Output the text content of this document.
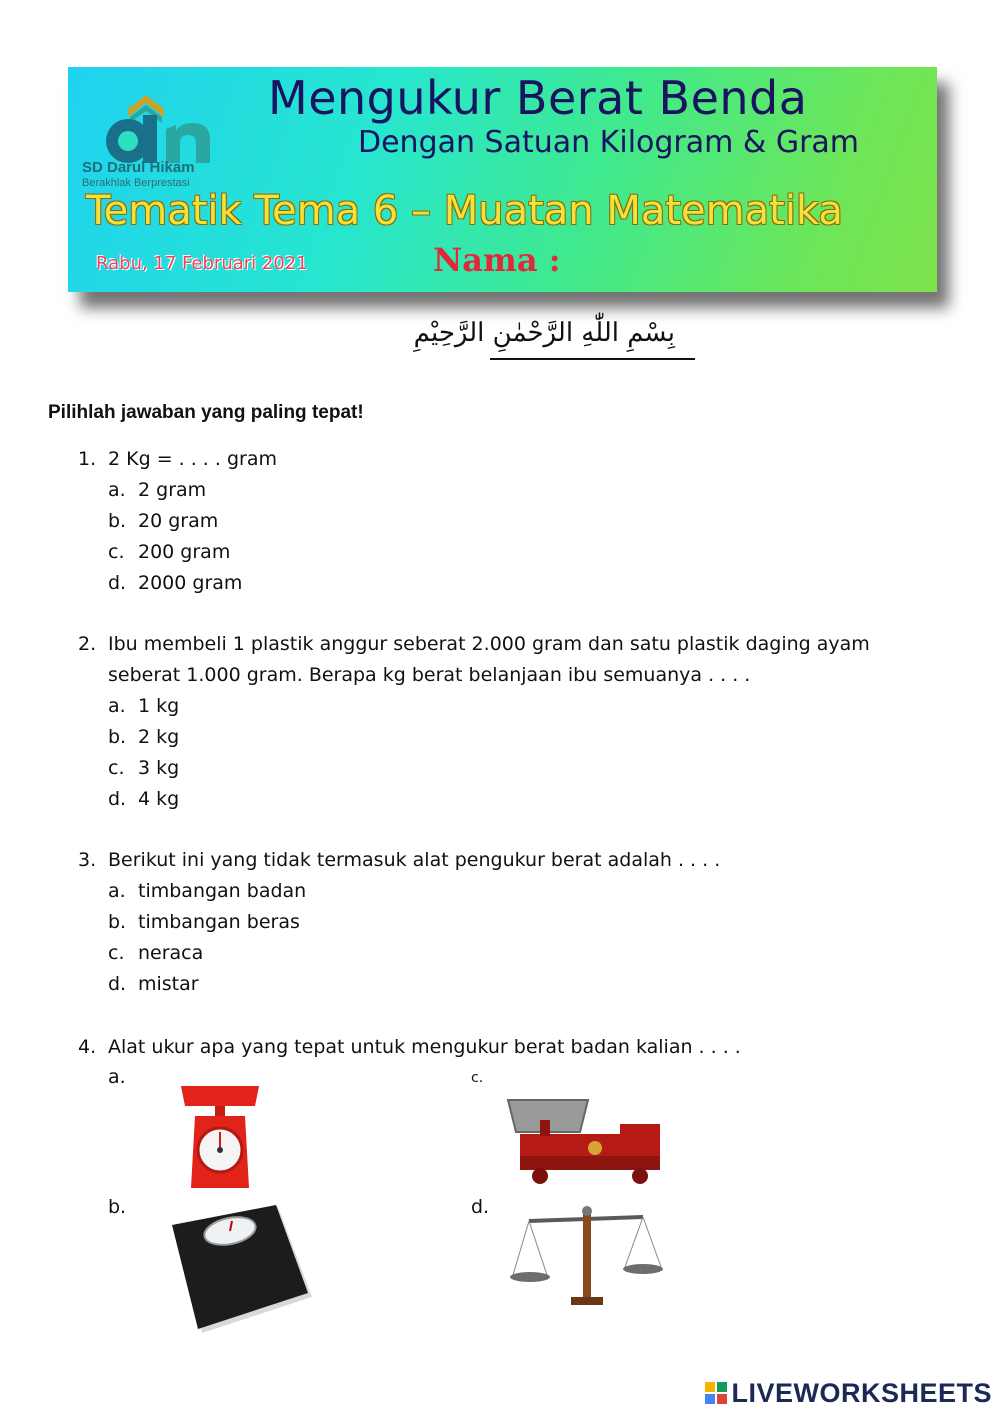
SD Darul Hikam
Berakhlak Berprestasi
Mengukur Berat Benda
Dengan Satuan Kilogram & Gram
Tematik Tema 6 – Muatan Matematika
Rabu, 17 Februari 2021	Nama :
بِسْمِ اللّٰهِ الرَّحْمٰنِ الرَّحِيْمِ

Pilihlah jawaban yang paling tepat!

1. 2 Kg = . . . . gram
a. 2 gram
b. 20 gram
c. 200 gram
d. 2000 gram
2. Ibu membeli 1 plastik anggur seberat 2.000 gram dan satu plastik daging ayam seberat 1.000 gram. Berapa kg berat belanjaan ibu semuanya . . . .
a. 1 kg
b. 2 kg
c. 3 kg
d. 4 kg
3. Berikut ini yang tidak termasuk alat pengukur berat adalah . . . .
a. timbangan badan
b. timbangan beras
c. neraca
d. mistar
4. Alat ukur apa yang tepat untuk mengukur berat badan kalian . . . .
a.
b.
c.
d.
LIVEWORKSHEETS
